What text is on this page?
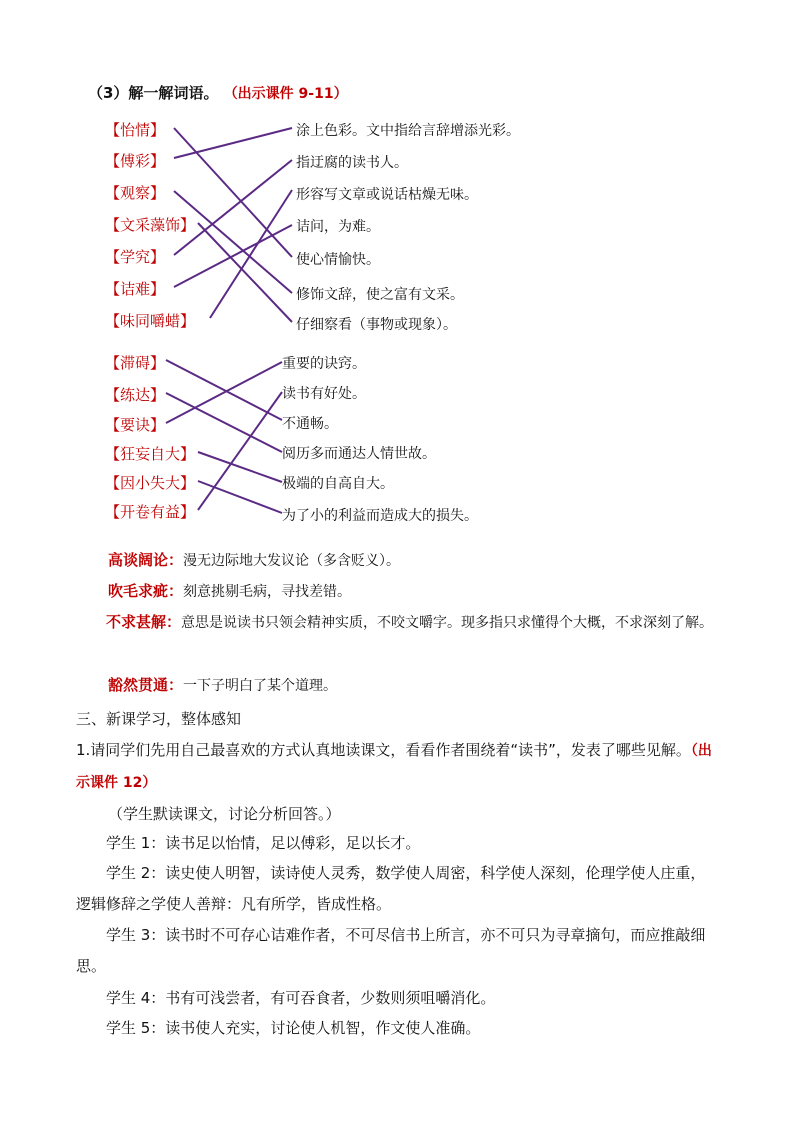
（3）解一解词语。 （出示课件 9-11）
【怡情】
【傅彩】
【观察】
【文采藻饰】
【学究】
【诘难】
【味同嚼蜡】
涂上色彩。文中指给言辞增添光彩。
指迂腐的读书人。
形容写文章或说话枯燥无味。
诘问，为难。
使心情愉快。
修饰文辞，使之富有文采。
仔细察看（事物或现象）。
【滞碍】
【练达】
【要诀】
【狂妄自大】
【因小失大】
【开卷有益】
重要的诀窍。
读书有好处。
不通畅。
阅历多而通达人情世故。
极端的自高自大。
为了小的利益而造成大的损失。
高谈阔论：漫无边际地大发议论（多含贬义）。
吹毛求疵：刻意挑剔毛病，寻找差错。
不求甚解：意思是说读书只领会精神实质，不咬文嚼字。现多指只求懂得个大概，不求深刻了解。
豁然贯通：一下子明白了某个道理。
三、新课学习，整体感知
1.请同学们先用自己最喜欢的方式认真地读课文，看看作者围绕着“读书”，发表了哪些见解。（出示课件 12）
（学生默读课文，讨论分析回答。）
学生 1：读书足以怡情，足以傅彩，足以长才。
学生 2：读史使人明智，读诗使人灵秀，数学使人周密，科学使人深刻，伦理学使人庄重，逻辑修辞之学使人善辩：凡有所学，皆成性格。
学生 3：读书时不可存心诘难作者，不可尽信书上所言，亦不可只为寻章摘句，而应推敲细思。
学生 4：书有可浅尝者，有可吞食者，少数则须咀嚼消化。
学生 5：读书使人充实，讨论使人机智，作文使人准确。
